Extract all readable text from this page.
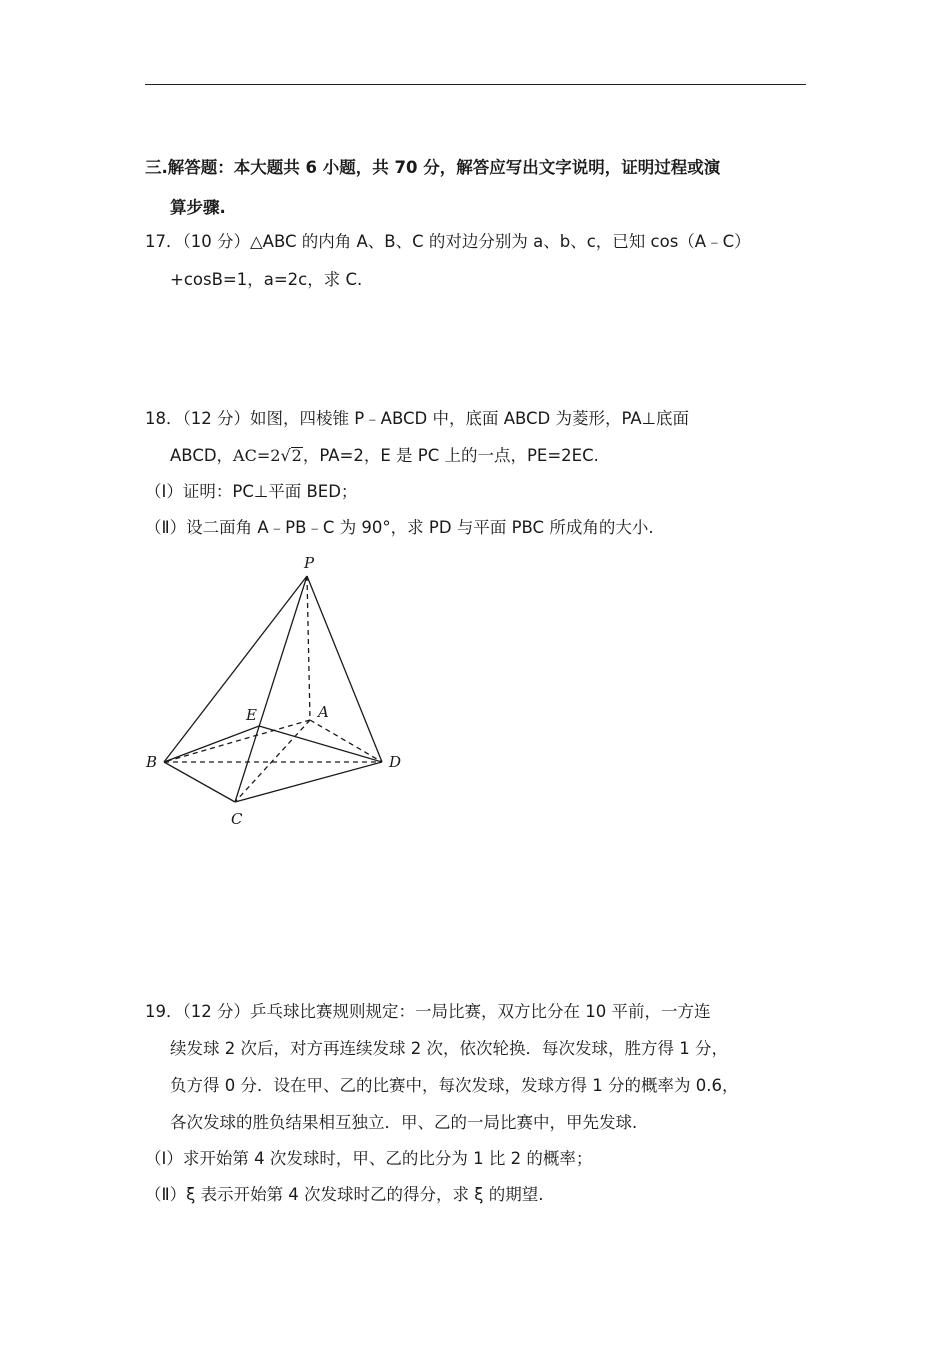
三.解答题：本大题共 6 小题，共 70 分，解答应写出文字说明，证明过程或演
算步骤.
17．（10 分）△ABC 的内角 A、B、C 的对边分别为 a、b、c，已知 cos（A﹣C）
+cosB=1，a=2c，求 C.
18．（12 分）如图，四棱锥 P﹣ABCD 中，底面 ABCD 为菱形，PA⊥底面
ABCD，AC=2√2，PA=2，E 是 PC 上的一点，PE=2EC.
（Ⅰ）证明：PC⊥平面 BED；
（Ⅱ）设二面角 A﹣PB﹣C 为 90°，求 PD 与平面 PBC 所成角的大小.
P
E	A
B	D
C
19．（12 分）乒乓球比赛规则规定：一局比赛，双方比分在 10 平前，一方连
续发球 2 次后，对方再连续发球 2 次，依次轮换．每次发球，胜方得 1 分，
负方得 0 分．设在甲、乙的比赛中，每次发球，发球方得 1 分的概率为 0.6，
各次发球的胜负结果相互独立．甲、乙的一局比赛中，甲先发球.
（Ⅰ）求开始第 4 次发球时，甲、乙的比分为 1 比 2 的概率；
（Ⅱ）ξ 表示开始第 4 次发球时乙的得分，求 ξ 的期望.
